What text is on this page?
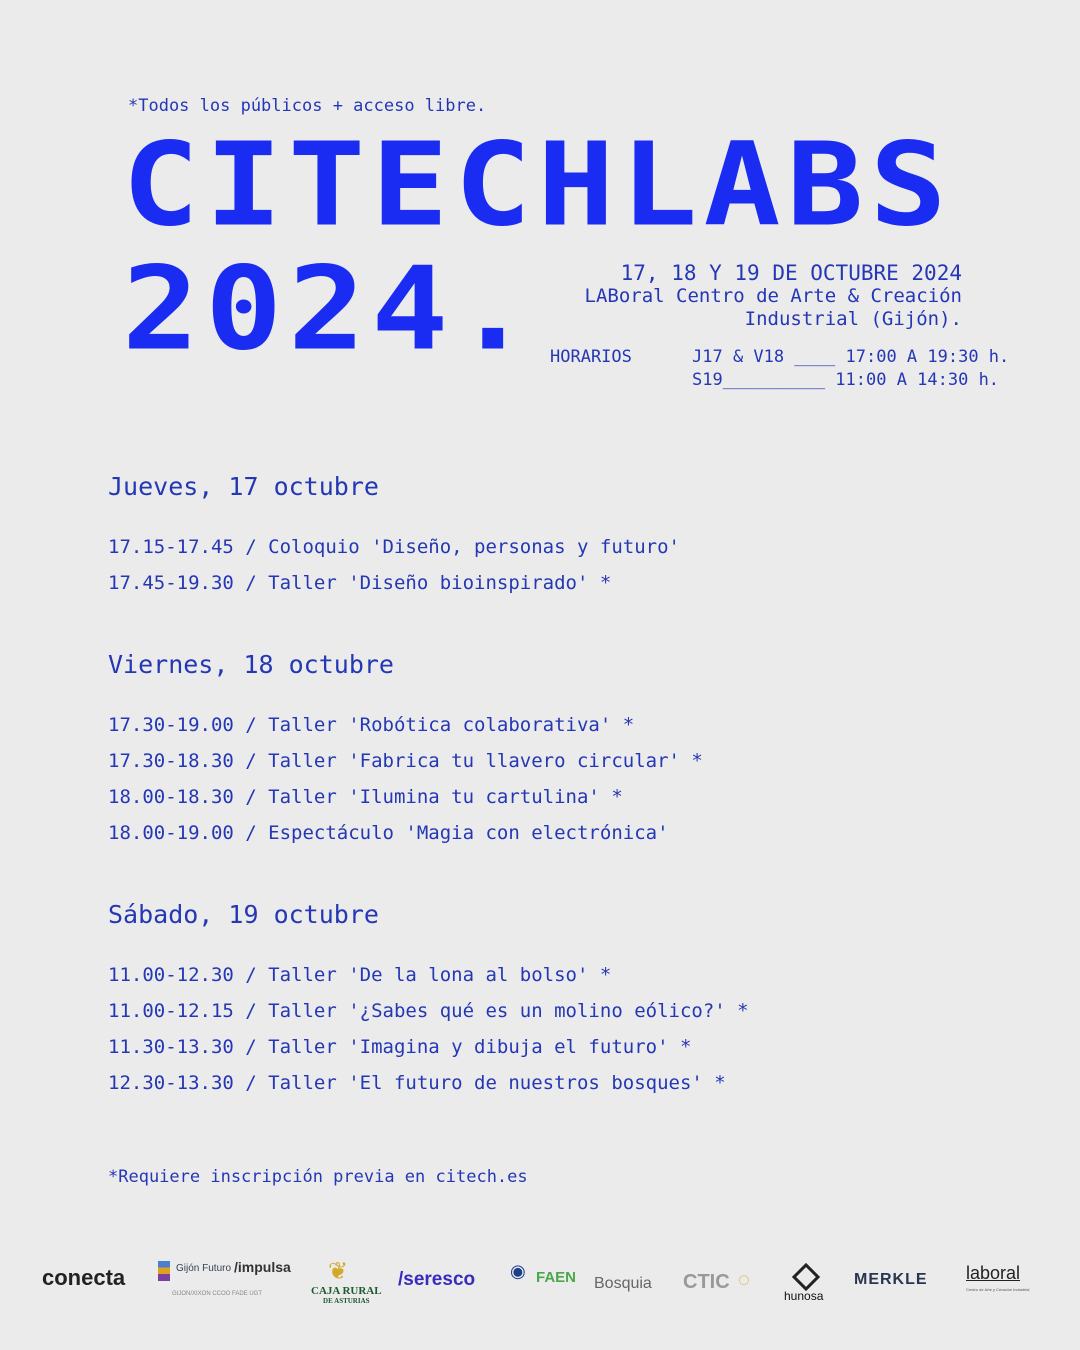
*Todos los públicos + acceso libre.
CITECHLABS
2024.	17, 18 Y 19 DE OCTUBRE 2024
LABoral Centro de Arte & Creación
Industrial (Gijón).
HORARIOS	J17 & V18 ____ 17:00 A 19:30 h.
S19__________ 11:00 A 14:30 h.
Jueves, 17 octubre
17.15-17.45 / Coloquio 'Diseño, personas y futuro'
17.45-19.30 / Taller 'Diseño bioinspirado' *
Viernes, 18 octubre
17.30-19.00 / Taller 'Robótica colaborativa' *
17.30-18.30 / Taller 'Fabrica tu llavero circular' *
18.00-18.30 / Taller 'Ilumina tu cartulina' *
18.00-19.00 / Espectáculo 'Magia con electrónica'
Sábado, 19 octubre
11.00-12.30 / Taller 'De la lona al bolso' *
11.00-12.15 / Taller '¿Sabes qué es un molino eólico?' *
11.30-13.30 / Taller 'Imagina y dibuja el futuro' *
12.30-13.30 / Taller 'El futuro de nuestros bosques' *
*Requiere inscripción previa en citech.es
conecta	Gijón Futuro /impulsa
GIJON/XIXON CCOO FADE UGT	CAJA RURAL
DE ASTURIAS
❦	/seresco ◉ FAEN Bosquia CTIC ◌
hunosa
MERKLE laboral
Centro de Arte y Creación Industrial
